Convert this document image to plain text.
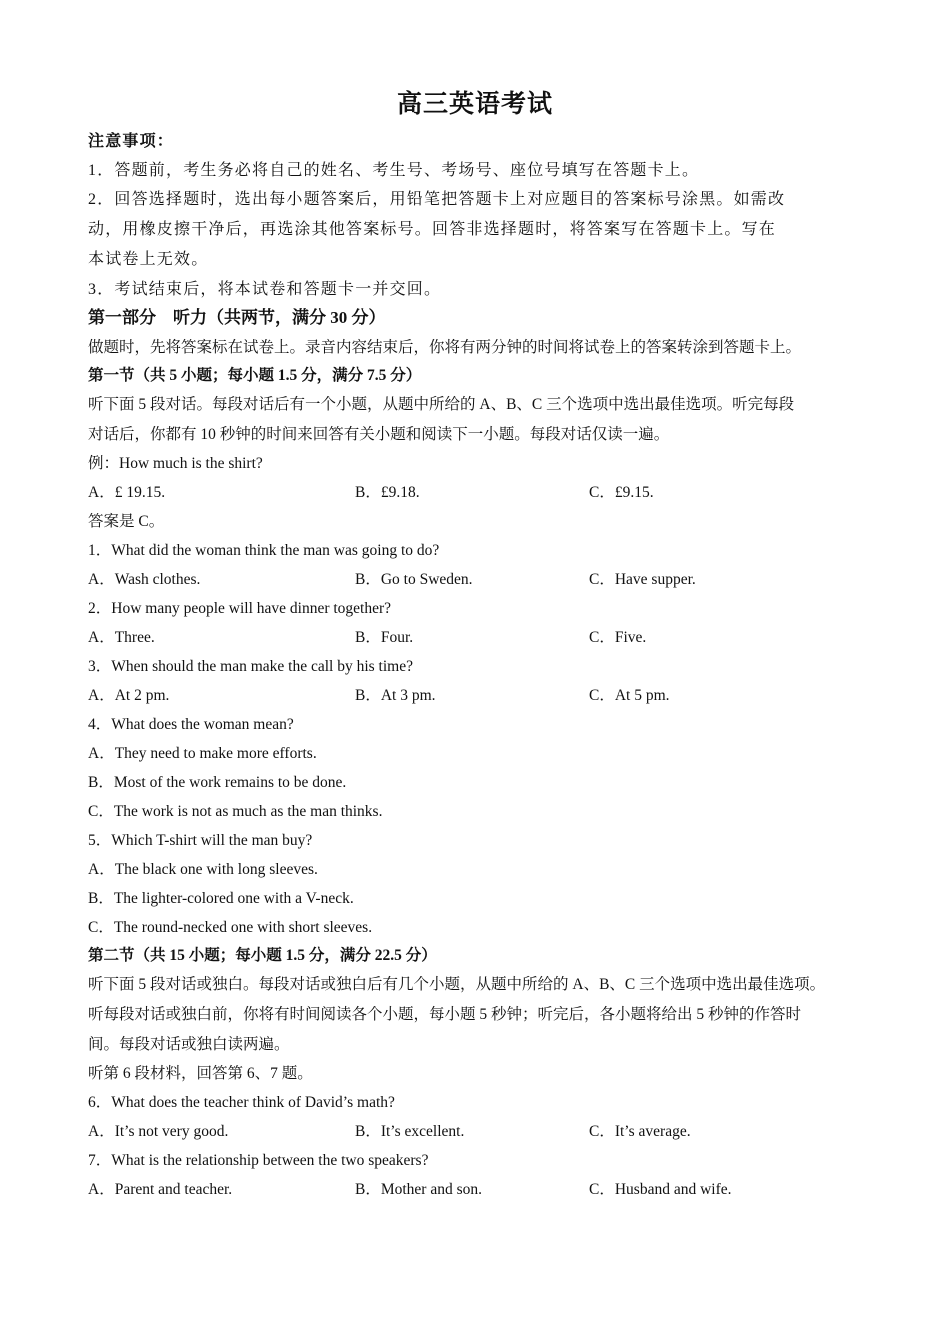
高三英语考试
注意事项：
1．答题前，考生务必将自己的姓名、考生号、考场号、座位号填写在答题卡上。
2．回答选择题时，选出每小题答案后，用铅笔把答题卡上对应题目的答案标号涂黑。如需改
动，用橡皮擦干净后，再选涂其他答案标号。回答非选择题时，将答案写在答题卡上。写在
本试卷上无效。
3．考试结束后，将本试卷和答题卡一并交回。
第一部分　听力（共两节，满分 30 分）
做题时，先将答案标在试卷上。录音内容结束后，你将有两分钟的时间将试卷上的答案转涂到答题卡上。
第一节（共 5 小题；每小题 1.5 分，满分 7.5 分）
听下面 5 段对话。每段对话后有一个小题，从题中所给的 A、B、C 三个选项中选出最佳选项。听完每段
对话后，你都有 10 秒钟的时间来回答有关小题和阅读下一小题。每段对话仅读一遍。
例：How much is the shirt?
A．£ 19.15.	B．£9.18.	C．£9.15.
答案是 C。
1．What did the woman think the man was going to do?
A．Wash clothes.	B．Go to Sweden.	C．Have supper.
2．How many people will have dinner together?
A．Three.	B．Four.	C．Five.
3．When should the man make the call by his time?
A．At 2 pm.	B．At 3 pm.	C．At 5 pm.
4．What does the woman mean?
A．They need to make more efforts.
B．Most of the work remains to be done.
C．The work is not as much as the man thinks.
5．Which T-shirt will the man buy?
A．The black one with long sleeves.
B．The lighter-colored one with a V-neck.
C．The round-necked one with short sleeves.
第二节（共 15 小题；每小题 1.5 分，满分 22.5 分）
听下面 5 段对话或独白。每段对话或独白后有几个小题，从题中所给的 A、B、C 三个选项中选出最佳选项。
听每段对话或独白前，你将有时间阅读各个小题，每小题 5 秒钟；听完后，各小题将给出 5 秒钟的作答时
间。每段对话或独白读两遍。
听第 6 段材料，回答第 6、7 题。
6．What does the teacher think of David’s math?
A．It’s not very good.	B．It’s excellent.	C．It’s average.
7．What is the relationship between the two speakers?
A．Parent and teacher.	B．Mother and son.	C．Husband and wife.
